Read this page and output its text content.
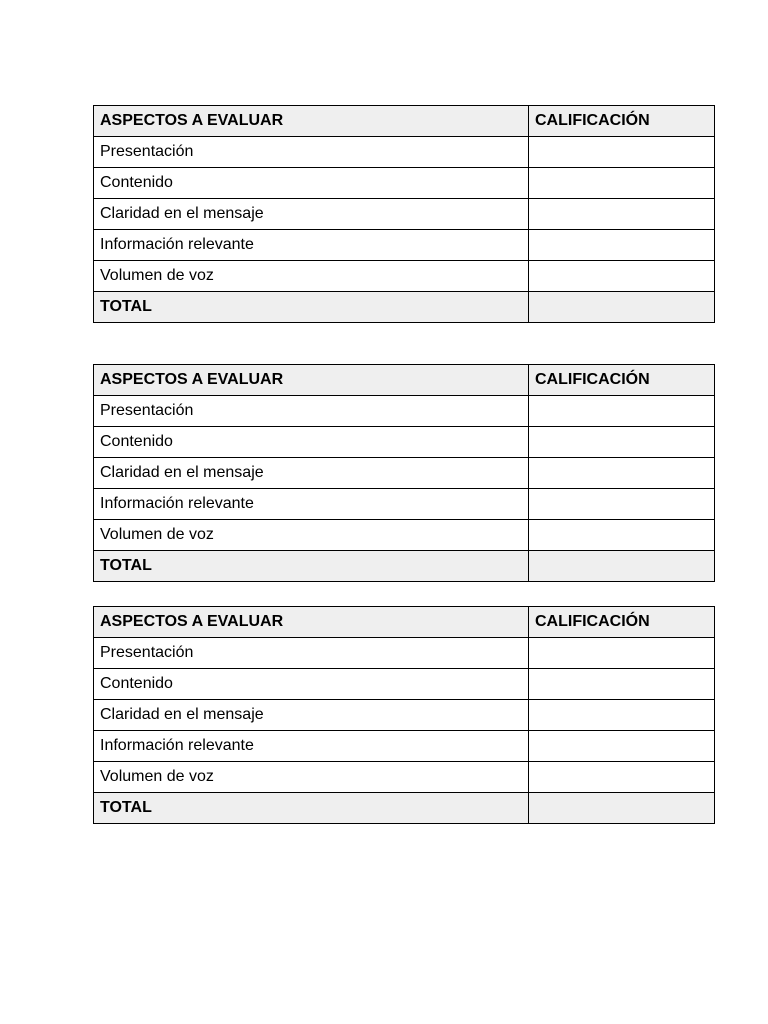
ASPECTOS A EVALUAR	CALIFICACIÓN
Presentación	
Contenido	
Claridad en el mensaje	
Información relevante	
Volumen de voz	
TOTAL	
ASPECTOS A EVALUAR	CALIFICACIÓN
Presentación	
Contenido	
Claridad en el mensaje	
Información relevante	
Volumen de voz	
TOTAL	
ASPECTOS A EVALUAR	CALIFICACIÓN
Presentación	
Contenido	
Claridad en el mensaje	
Información relevante	
Volumen de voz	
TOTAL	
